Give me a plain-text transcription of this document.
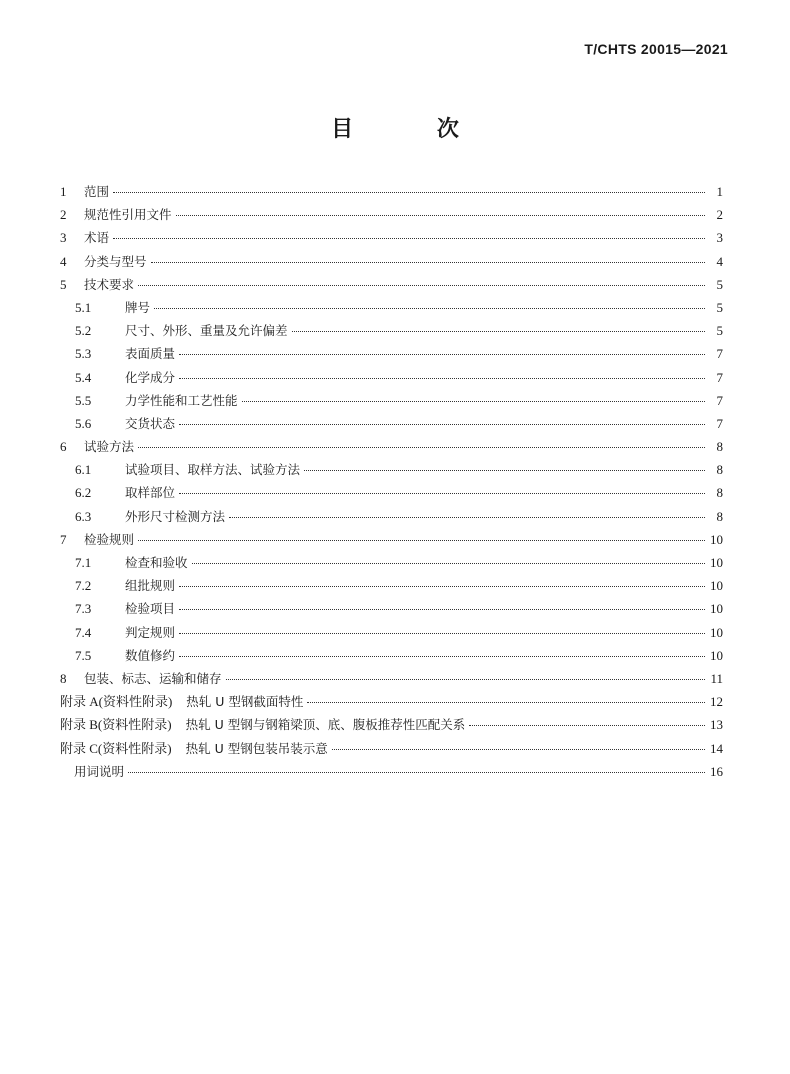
T/CHTS 20015—2021
目 次
1	范围	1
2	规范性引用文件	2
3	术语	3
4	分类与型号	4
5	技术要求	5
5.1	牌号	5
5.2	尺寸、外形、重量及允许偏差	5
5.3	表面质量	7
5.4	化学成分	7
5.5	力学性能和工艺性能	7
5.6	交货状态	7
6	试验方法	8
6.1	试验项目、取样方法、试验方法	8
6.2	取样部位	8
6.3	外形尺寸检测方法	8
7	检验规则	10
7.1	检查和验收	10
7.2	组批规则	10
7.3	检验项目	10
7.4	判定规则	10
7.5	数值修约	10
8	包装、标志、运输和储存	11
附录 A(资料性附录) 热轧 U 型钢截面特性	12
附录 B(资料性附录) 热轧 U 型钢与钢箱梁顶、底、腹板推荐性匹配关系	13
附录 C(资料性附录) 热轧 U 型钢包装吊装示意	14
用词说明	16
